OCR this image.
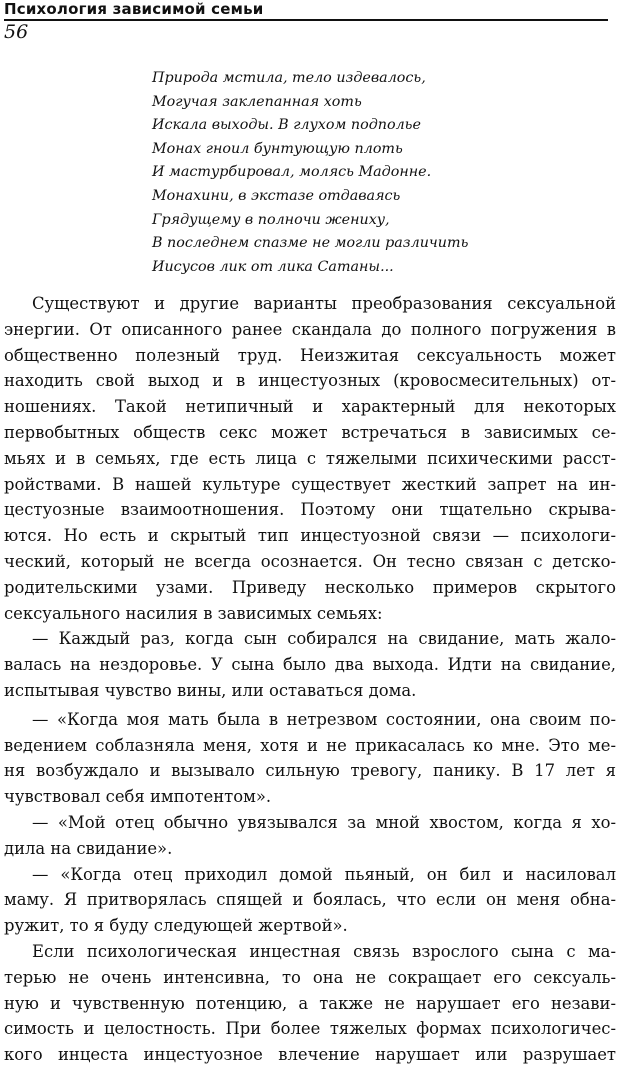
Психология зависимой семьи
56
Природа мстила, тело издевалось,
Могучая заклепанная хоть
Искала выходы. В глухом подполье
Монах гноил бунтующую плоть
И мастурбировал, молясь Мадонне.
Монахини, в экстазе отдаваясь
Грядущему в полночи жениху,
В последнем спазме не могли различить
Иисусов лик от лика Сатаны...
Существуют и другие варианты преобразования сексуальной
энергии. От описанного ранее скандала до полного погружения в
общественно полезный труд. Неизжитая сексуальность может
находить свой выход и в инцестуозных (кровосмесительных) от-
ношениях. Такой нетипичный и характерный для некоторых
первобытных обществ секс может встречаться в зависимых се-
мьях и в семьях, где есть лица с тяжелыми психическими расст-
ройствами. В нашей культуре существует жесткий запрет на ин-
цестуозные взаимоотношения. Поэтому они тщательно скрыва-
ются. Но есть и скрытый тип инцестуозной связи — психологи-
ческий, который не всегда осознается. Он тесно связан с детско-
родительскими узами. Приведу несколько примеров скрытого
сексуального насилия в зависимых семьях:
— Каждый раз, когда сын собирался на свидание, мать жало-
валась на нездоровье. У сына было два выхода. Идти на свидание,
испытывая чувство вины, или оставаться дома.
— «Когда моя мать была в нетрезвом состоянии, она своим по-
ведением соблазняла меня, хотя и не прикасалась ко мне. Это ме-
ня возбуждало и вызывало сильную тревогу, панику. В 17 лет я
чувствовал себя импотентом».
— «Мой отец обычно увязывался за мной хвостом, когда я хо-
дила на свидание».
— «Когда отец приходил домой пьяный, он бил и насиловал
маму. Я притворялась спящей и боялась, что если он меня обна-
ружит, то я буду следующей жертвой».
Если психологическая инцестная связь взрослого сына с ма-
терью не очень интенсивна, то она не сокращает его сексуаль-
ную и чувственную потенцию, а также не нарушает его незави-
симость и целостность. При более тяжелых формах психологичес-
кого инцеста инцестуозное влечение нарушает или разрушает
